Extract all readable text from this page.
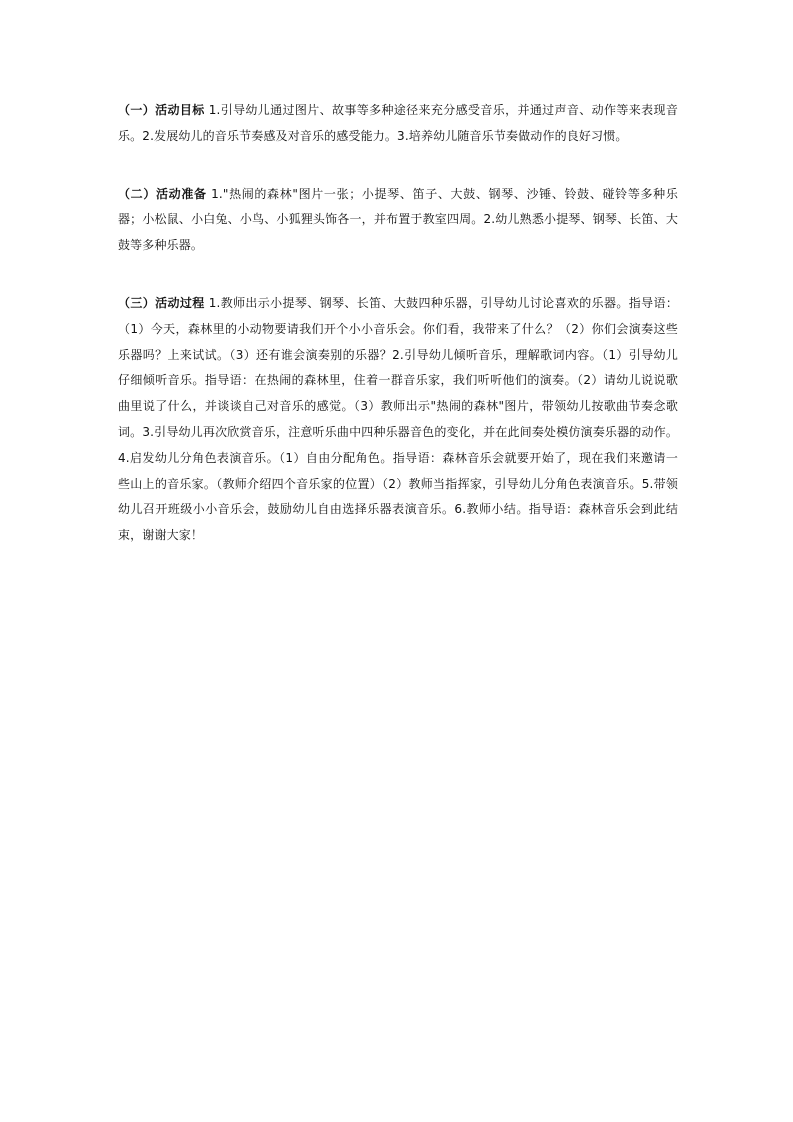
（一）活动目标 1.引导幼儿通过图片、故事等多种途径来充分感受音乐，并通过声音、动作等来表现音乐。2.发展幼儿的音乐节奏感及对音乐的感受能力。3.培养幼儿随音乐节奏做动作的良好习惯。

（二）活动准备 1."热闹的森林"图片一张；小提琴、笛子、大鼓、钢琴、沙锤、铃鼓、碰铃等多种乐器；小松鼠、小白兔、小鸟、小狐狸头饰各一，并布置于教室四周。2.幼儿熟悉小提琴、钢琴、长笛、大鼓等多种乐器。

（三）活动过程 1.教师出示小提琴、钢琴、长笛、大鼓四种乐器，引导幼儿讨论喜欢的乐器。指导语：（1）今天，森林里的小动物要请我们开个小小音乐会。你们看，我带来了什么？（2）你们会演奏这些乐器吗？上来试试。（3）还有谁会演奏别的乐器？2.引导幼儿倾听音乐，理解歌词内容。（1）引导幼儿仔细倾听音乐。指导语：在热闹的森林里，住着一群音乐家，我们听听他们的演奏。（2）请幼儿说说歌曲里说了什么，并谈谈自己对音乐的感觉。（3）教师出示"热闹的森林"图片，带领幼儿按歌曲节奏念歌词。3.引导幼儿再次欣赏音乐，注意听乐曲中四种乐器音色的变化，并在此间奏处模仿演奏乐器的动作。4.启发幼儿分角色表演音乐。（1）自由分配角色。指导语：森林音乐会就要开始了，现在我们来邀请一些山上的音乐家。（教师介绍四个音乐家的位置）（2）教师当指挥家，引导幼儿分角色表演音乐。5.带领幼儿召开班级小小音乐会，鼓励幼儿自由选择乐器表演音乐。6.教师小结。指导语：森林音乐会到此结束，谢谢大家！
